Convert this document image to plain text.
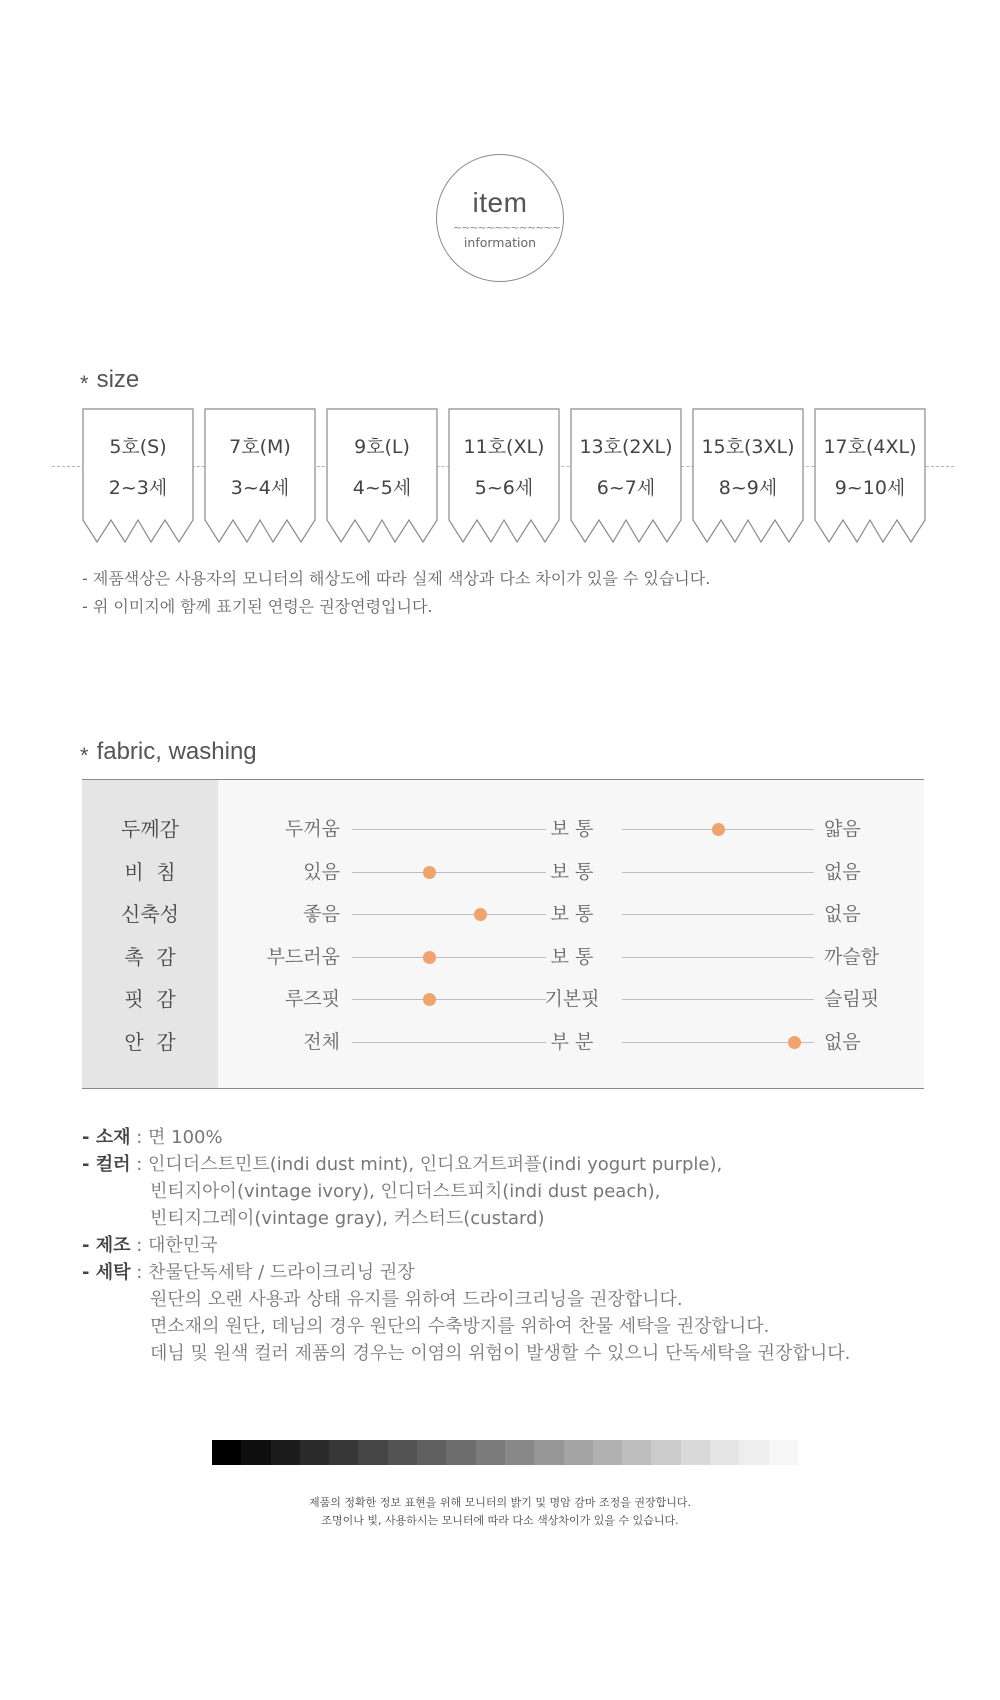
item
~~~~~~~~~~~~~
information
* size
5호(S)
2~3세
7호(M)
3~4세
9호(L)
4~5세
11호(XL)
5~6세
13호(2XL)
6~7세
15호(3XL)
8~9세
17호(4XL)
9~10세
- 제품색상은 사용자의 모니터의 해상도에 따라 실제 색상과 다소 차이가 있을 수 있습니다.
- 위 이미지에 함께 표기된 연령은 권장연령입니다.
* fabric, washing
두께감	두꺼움	보 통	얇음
비  침	있음	보 통	없음
신축성	좋음	보 통	없음
촉  감	부드러움	보 통	까슬함
핏  감	루즈핏	기본핏	슬림핏
안  감	전체	부 분	없음
- 소재 : 면 100%
- 컬러 : 인디더스트민트(indi dust mint), 인디요거트퍼플(indi yogurt purple),
빈티지아이(vintage ivory), 인디더스트피치(indi dust peach),
빈티지그레이(vintage gray), 커스터드(custard)
- 제조 : 대한민국
- 세탁 : 찬물단독세탁 / 드라이크리닝 권장
원단의 오랜 사용과 상태 유지를 위하여 드라이크리닝을 권장합니다.
면소재의 원단, 데님의 경우 원단의 수축방지를 위하여 찬물 세탁을 권장합니다.
데님 및 원색 컬러 제품의 경우는 이염의 위험이 발생할 수 있으니 단독세탁을 권장합니다.
제품의 정확한 정보 표현을 위해 모니터의 밝기 및 명암 감마 조정을 권장합니다.
조명이나 빛, 사용하시는 모니터에 따라 다소 색상차이가 있을 수 있습니다.
